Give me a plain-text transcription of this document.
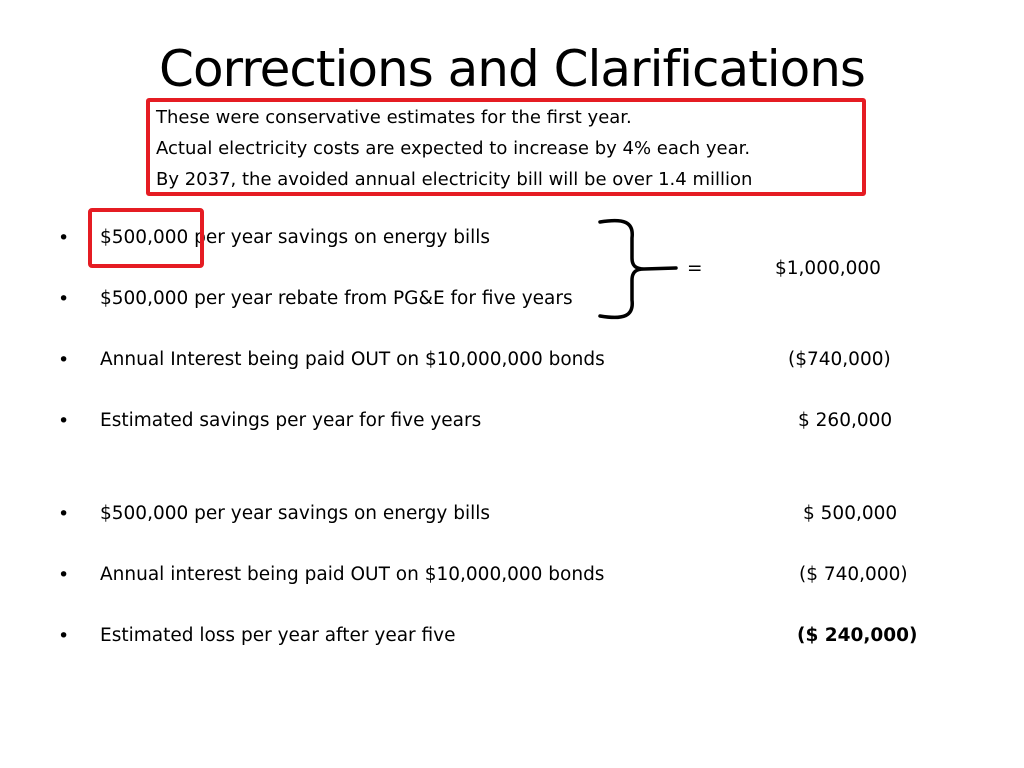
Corrections and Clarifications
These were conservative estimates for the first year.
Actual electricity costs are expected to increase by 4% each year.
By 2037, the avoided annual electricity bill will be over 1.4 million
• $500,000 per year savings on energy bills
=	$1,000,000
• $500,000 per year rebate from PG&E for five years
• Annual Interest being paid OUT on $10,000,000 bonds	($740,000)
• Estimated savings per year for five years	$ 260,000
• $500,000 per year savings on energy bills	$ 500,000
• Annual interest being paid OUT on $10,000,000 bonds	($ 740,000)
• Estimated loss per year after year five	($ 240,000)
